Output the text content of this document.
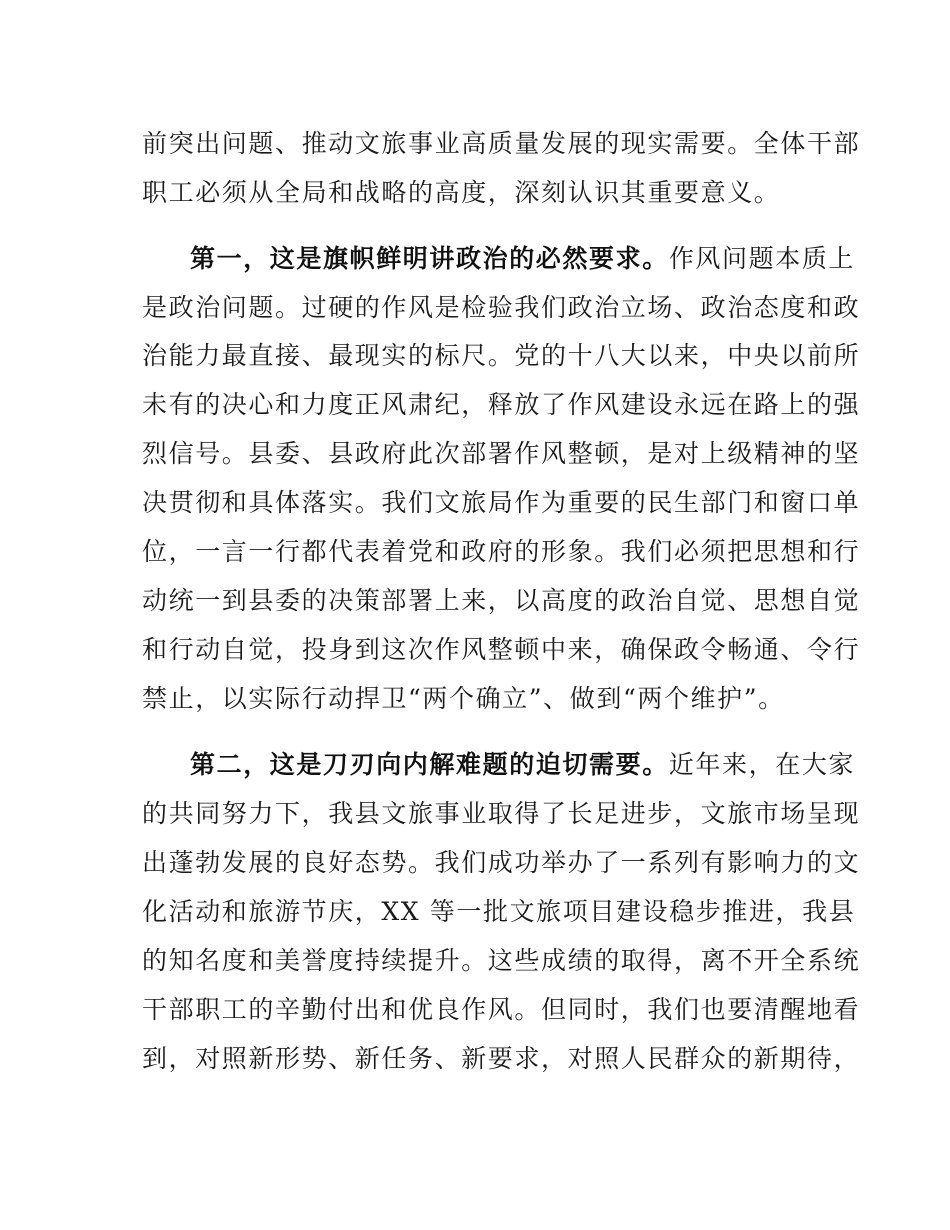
前突出问题、推动文旅事业高质量发展的现实需要。全体干部
职工必须从全局和战略的高度，深刻认识其重要意义。
第一，这是旗帜鲜明讲政治的必然要求。作风问题本质上
是政治问题。过硬的作风是检验我们政治立场、政治态度和政
治能力最直接、最现实的标尺。党的十八大以来，中央以前所
未有的决心和力度正风肃纪，释放了作风建设永远在路上的强
烈信号。县委、县政府此次部署作风整顿，是对上级精神的坚
决贯彻和具体落实。我们文旅局作为重要的民生部门和窗口单
位，一言一行都代表着党和政府的形象。我们必须把思想和行
动统一到县委的决策部署上来，以高度的政治自觉、思想自觉
和行动自觉，投身到这次作风整顿中来，确保政令畅通、令行
禁止，以实际行动捍卫“两个确立”、做到“两个维护”。
第二，这是刀刃向内解难题的迫切需要。近年来，在大家
的共同努力下，我县文旅事业取得了长足进步，文旅市场呈现
出蓬勃发展的良好态势。我们成功举办了一系列有影响力的文
化活动和旅游节庆，XX 等一批文旅项目建设稳步推进，我县
的知名度和美誉度持续提升。这些成绩的取得，离不开全系统
干部职工的辛勤付出和优良作风。但同时，我们也要清醒地看
到，对照新形势、新任务、新要求，对照人民群众的新期待，
